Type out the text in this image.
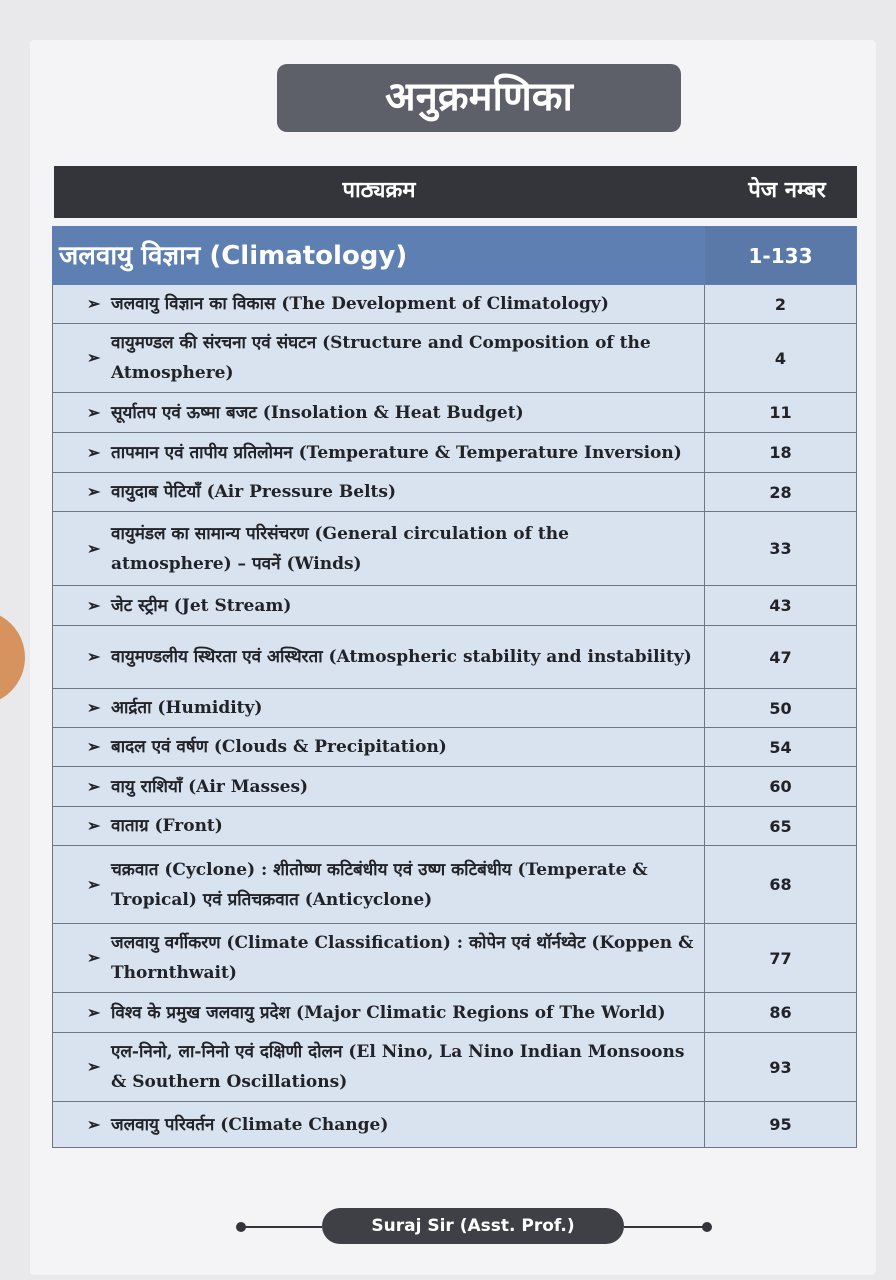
अनुक्रमणिका
पाठ्यक्रम	पेज नम्बर
जलवायु विज्ञान (Climatology)	1-133

➢ जलवायु विज्ञान का विकास (The Development of Climatology)	2

➢
वायुमण्डल की संरचना एवं संघटन (Structure and Composition of the Atmosphere)	4

➢ सूर्यातप एवं ऊष्मा बजट (Insolation & Heat Budget)	11

➢ तापमान एवं तापीय प्रतिलोमन (Temperature & Temperature Inversion)	18

➢ वायुदाब पेटियाँ (Air Pressure Belts)	28

➢
वायुमंडल का सामान्य परिसंचरण (General circulation of the atmosphere) – पवनें (Winds)	33

➢ जेट स्ट्रीम (Jet Stream)	43

➢ वायुमण्डलीय स्थिरता एवं अस्थिरता (Atmospheric stability and instability)	47

➢ आर्द्रता (Humidity)	50

➢ बादल एवं वर्षण (Clouds & Precipitation)	54

➢ वायु राशियाँ (Air Masses)	60

➢ वाताग्र (Front)	65

➢
चक्रवात (Cyclone) : शीतोष्ण कटिबंधीय एवं उष्ण कटिबंधीय (Temperate & Tropical) एवं प्रतिचक्रवात (Anticyclone)	68

➢
जलवायु वर्गीकरण (Climate Classification) : कोपेन एवं थॉर्नथ्वेट (Koppen & Thornthwait)	77

➢ विश्व के प्रमुख जलवायु प्रदेश (Major Climatic Regions of The World)	86

➢
एल-निनो, ला-निनो एवं दक्षिणी दोलन (El Nino, La Nino Indian Monsoons & Southern Oscillations)	93

➢ जलवायु परिवर्तन (Climate Change)	95
Suraj Sir (Asst. Prof.)
